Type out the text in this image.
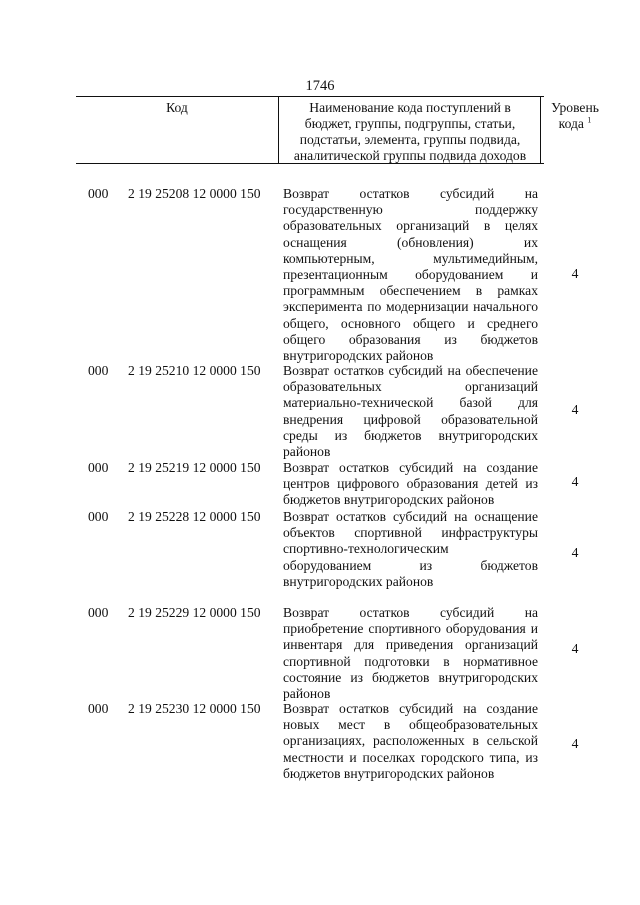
1746
Код	Наименование кода поступлений в
бюджет, группы, подгруппы, статьи,
подстатьи, элемента, группы подвида,
аналитической группы подвида доходов
Уровень
кода $^1$
000 2 19 25208 12 0000 150 Возврат остатков субсидий на государственную поддержку образовательных организаций в целях оснащения (обновления) их компьютерным, мультимедийным, презентационным оборудованием и программным обеспечением в рамках эксперимента по модернизации начального общего, основного общего и среднего общего образования из бюджетов внутригородских районов
4
000 2 19 25210 12 0000 150 Возврат остатков субсидий на обеспечение образовательных организаций материально-технической базой для внедрения цифровой образовательной среды из бюджетов внутригородских районов
4
000 2 19 25219 12 0000 150 Возврат остатков субсидий на создание центров цифрового образования детей из бюджетов внутригородских районов
4
000 2 19 25228 12 0000 150 Возврат остатков субсидий на оснащение объектов спортивной инфраструктуры спортивно-технологическим оборудованием из бюджетов внутригородских районов
4
000 2 19 25229 12 0000 150 Возврат остатков субсидий на приобретение спортивного оборудования и инвентаря для приведения организаций спортивной подготовки в нормативное состояние из бюджетов внутригородских районов
4
000 2 19 25230 12 0000 150 Возврат остатков субсидий на создание новых мест в общеобразовательных организациях, расположенных в сельской местности и поселках городского типа, из бюджетов внутригородских районов
4
